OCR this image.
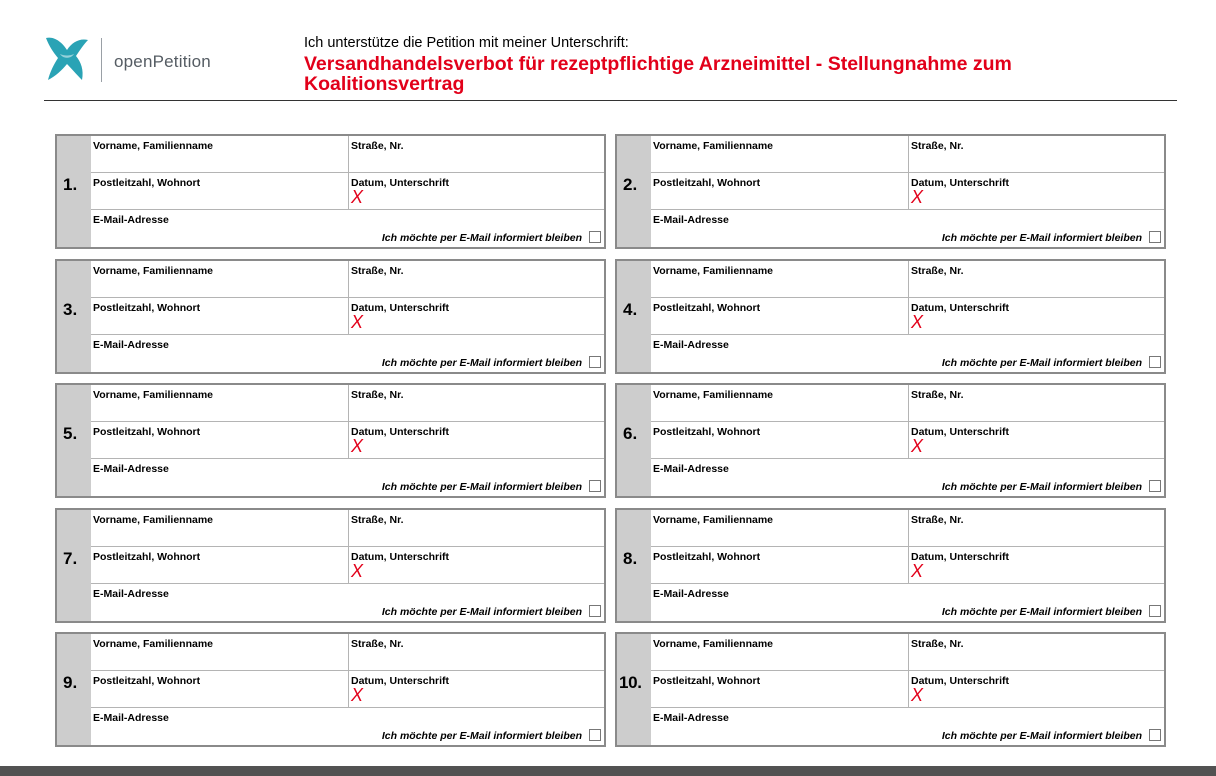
openPetition
Ich unterstütze die Petition mit meiner Unterschrift:
Versandhandelsverbot für rezeptpflichtige Arzneimittel - Stellungnahme zum Koalitionsvertrag
1.
Vorname, Familienname	Straße, Nr.
Postleitzahl, Wohnort	Datum, Unterschrift
X
E-Mail-Adresse
Ich möchte per E-Mail informiert bleiben
2.
Vorname, Familienname	Straße, Nr.
Postleitzahl, Wohnort	Datum, Unterschrift
X
E-Mail-Adresse
Ich möchte per E-Mail informiert bleiben
3.
Vorname, Familienname	Straße, Nr.
Postleitzahl, Wohnort	Datum, Unterschrift
X
E-Mail-Adresse
Ich möchte per E-Mail informiert bleiben
4.
Vorname, Familienname	Straße, Nr.
Postleitzahl, Wohnort	Datum, Unterschrift
X
E-Mail-Adresse
Ich möchte per E-Mail informiert bleiben
5.
Vorname, Familienname	Straße, Nr.
Postleitzahl, Wohnort	Datum, Unterschrift
X
E-Mail-Adresse
Ich möchte per E-Mail informiert bleiben
6.
Vorname, Familienname	Straße, Nr.
Postleitzahl, Wohnort	Datum, Unterschrift
X
E-Mail-Adresse
Ich möchte per E-Mail informiert bleiben
7.
Vorname, Familienname	Straße, Nr.
Postleitzahl, Wohnort	Datum, Unterschrift
X
E-Mail-Adresse
Ich möchte per E-Mail informiert bleiben
8.
Vorname, Familienname	Straße, Nr.
Postleitzahl, Wohnort	Datum, Unterschrift
X
E-Mail-Adresse
Ich möchte per E-Mail informiert bleiben
9.
Vorname, Familienname	Straße, Nr.
Postleitzahl, Wohnort	Datum, Unterschrift
X
E-Mail-Adresse
Ich möchte per E-Mail informiert bleiben
10.
Vorname, Familienname	Straße, Nr.
Postleitzahl, Wohnort	Datum, Unterschrift
X
E-Mail-Adresse
Ich möchte per E-Mail informiert bleiben
